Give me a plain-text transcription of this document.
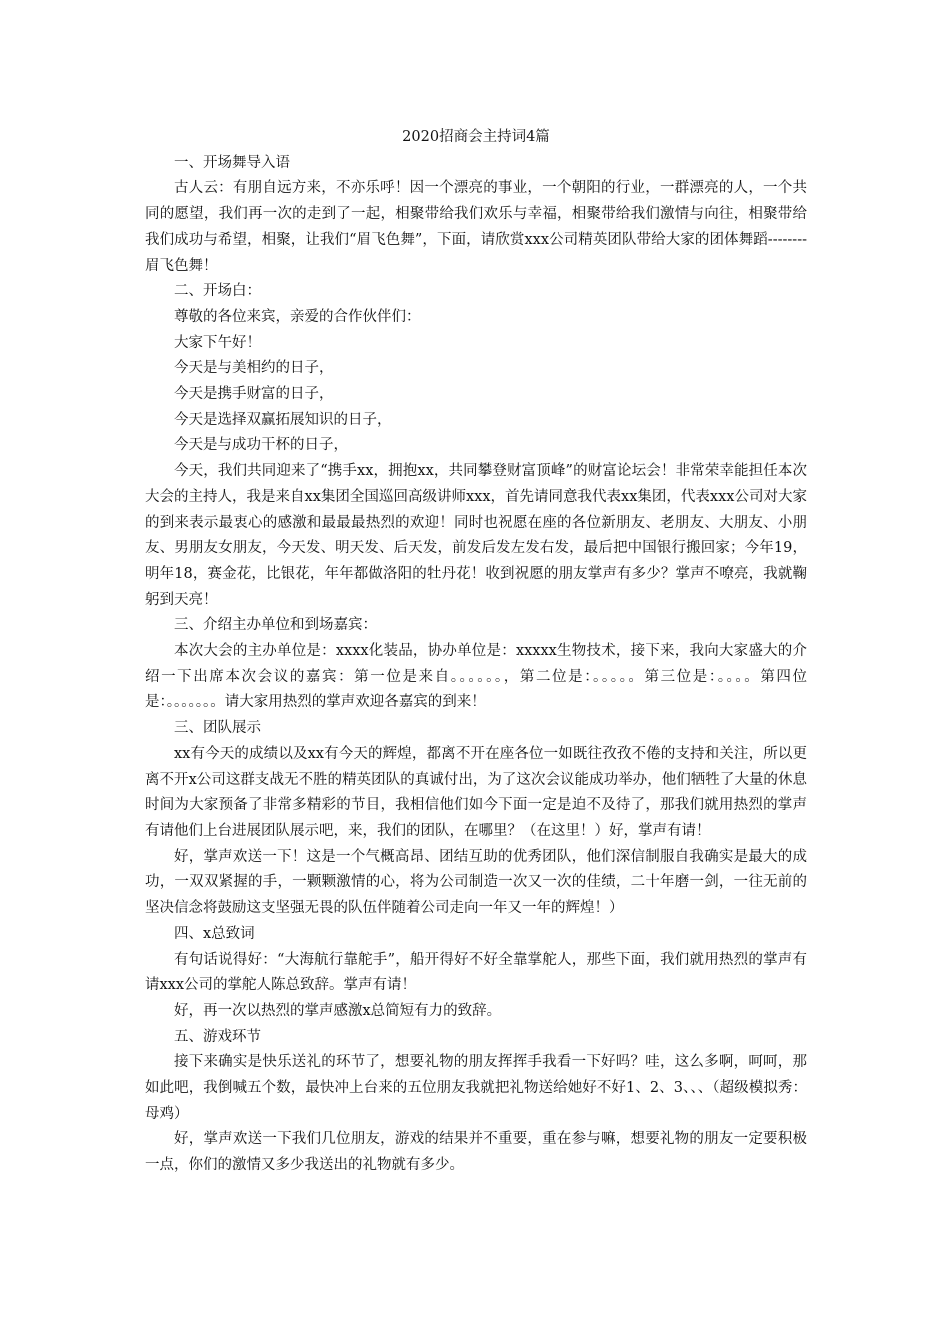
2020招商会主持词4篇
一、开场舞导入语
古人云：有朋自远方来，不亦乐呼！因一个漂亮的事业，一个朝阳的行业，一群漂亮的人，一个共同的愿望，我们再一次的走到了一起，相聚带给我们欢乐与幸福，相聚带给我们激情与向往，相聚带给我们成功与希望，相聚，让我们“眉飞色舞”，下面，请欣赏xxx公司精英团队带给大家的团体舞蹈--------眉飞色舞！
二、开场白：
尊敬的各位来宾，亲爱的合作伙伴们：
大家下午好！
今天是与美相约的日子，
今天是携手财富的日子，
今天是选择双赢拓展知识的日子，
今天是与成功干杯的日子，
今天，我们共同迎来了“携手xx，拥抱xx，共同攀登财富顶峰”的财富论坛会！非常荣幸能担任本次大会的主持人，我是来自xx集团全国巡回高级讲师xxx，首先请同意我代表xx集团，代表xxx公司对大家的到来表示最衷心的感激和最最最热烈的欢迎！同时也祝愿在座的各位新朋友、老朋友、大朋友、小朋友、男朋友女朋友，今天发、明天发、后天发，前发后发左发右发，最后把中国银行搬回家；今年19，明年18，赛金花，比银花，年年都做洛阳的牡丹花！收到祝愿的朋友掌声有多少？掌声不嘹亮，我就鞠躬到天亮！
三、介绍主办单位和到场嘉宾：
本次大会的主办单位是：xxxx化装品，协办单位是：xxxxx生物技术，接下来，我向大家盛大的介绍一下出席本次会议的嘉宾：第一位是来自。。。。。。，第二位是：。。。。。第三位是：。。。。第四位是：。。。。。。。请大家用热烈的掌声欢迎各嘉宾的到来！
三、团队展示
xx有今天的成绩以及xx有今天的辉煌，都离不开在座各位一如既往孜孜不倦的支持和关注，所以更离不开x公司这群支战无不胜的精英团队的真诚付出，为了这次会议能成功举办，他们牺牲了大量的休息时间为大家预备了非常多精彩的节目，我相信他们如今下面一定是迫不及待了，那我们就用热烈的掌声有请他们上台进展团队展示吧，来，我们的团队，在哪里？（在这里！）好，掌声有请！
好，掌声欢送一下！这是一个气概高昂、团结互助的优秀团队，他们深信制服自我确实是最大的成功，一双双紧握的手，一颗颗激情的心，将为公司制造一次又一次的佳绩，二十年磨一剑，一往无前的坚决信念将鼓励这支坚强无畏的队伍伴随着公司走向一年又一年的辉煌！）
四、x总致词
有句话说得好：“大海航行靠舵手”，船开得好不好全靠掌舵人，那些下面，我们就用热烈的掌声有请xxx公司的掌舵人陈总致辞。掌声有请！
好，再一次以热烈的掌声感激x总简短有力的致辞。
五、游戏环节
接下来确实是快乐送礼的环节了，想要礼物的朋友挥挥手我看一下好吗？哇，这么多啊，呵呵，那如此吧，我倒喊五个数，最快冲上台来的五位朋友我就把礼物送给她好不好1、2、3、、、（超级模拟秀：母鸡）
好，掌声欢送一下我们几位朋友，游戏的结果并不重要，重在参与嘛，想要礼物的朋友一定要积极一点，你们的激情又多少我送出的礼物就有多少。
